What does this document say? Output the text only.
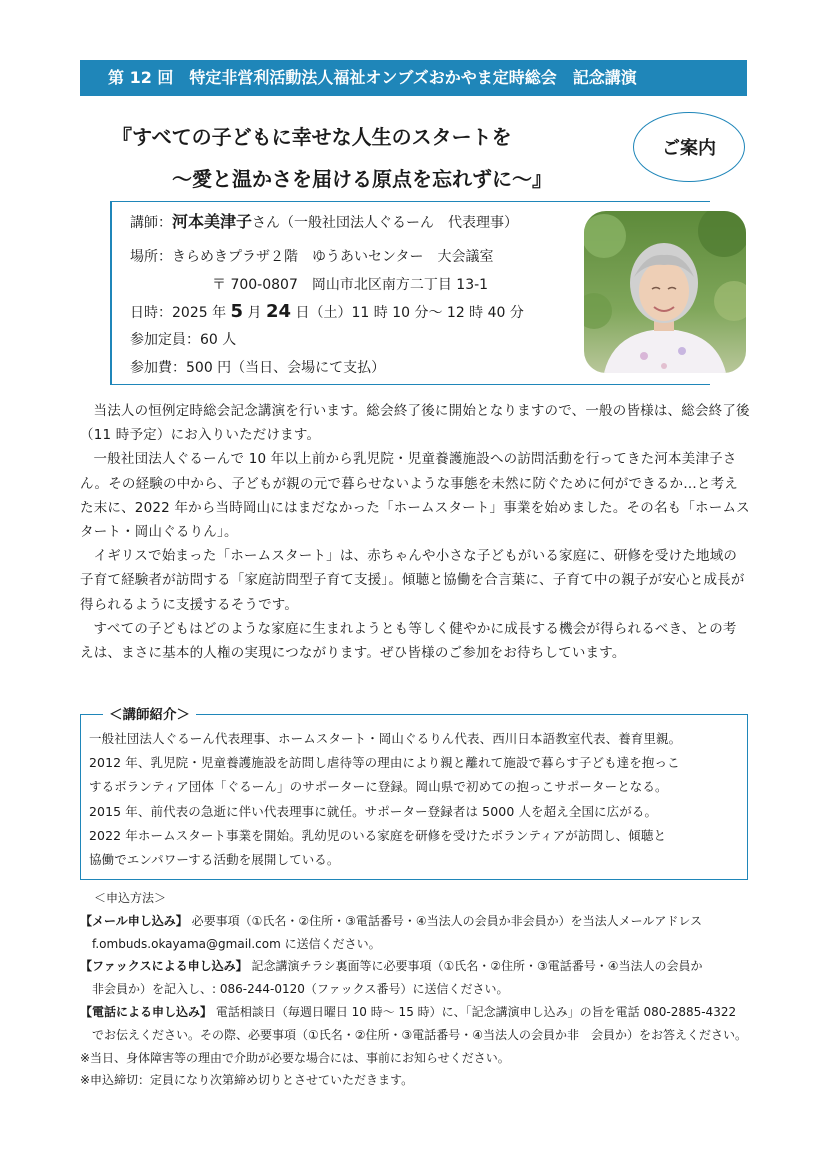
第 12 回　特定非営利活動法人福祉オンブズおかやま定時総会　記念講演
『すべての子どもに幸せな人生のスタートを
～愛と温かさを届ける原点を忘れずに～』
ご案内
講師：河本美津子さん（一般社団法人ぐるーん　代表理事）
場所：きらめきプラザ２階　ゆうあいセンター　大会議室
〒 700-0807　岡山市北区南方二丁目 13-1
日時：2025 年 5 月 24 日（土）11 時 10 分～ 12 時 40 分
参加定員：60 人
参加費：500 円（当日、会場にて支払）

当法人の恒例定時総会記念講演を行います。総会終了後に開始となりますので、一般の皆様は、総会終了後（11 時予定）にお入りいただけます。

一般社団法人ぐるーんで 10 年以上前から乳児院・児童養護施設への訪問活動を行ってきた河本美津子さん。その経験の中から、子どもが親の元で暮らせないような事態を未然に防ぐために何ができるか…と考えた末に、2022 年から当時岡山にはまだなかった「ホームスタート」事業を始めました。その名も「ホームスタート・岡山ぐるりん」。

イギリスで始まった「ホームスタート」は、赤ちゃんや小さな子どもがいる家庭に、研修を受けた地域の子育て経験者が訪問する「家庭訪問型子育て支援」。傾聴と協働を合言葉に、子育て中の親子が安心と成長が得られるように支援するそうです。

すべての子どもはどのような家庭に生まれようとも等しく健やかに成長する機会が得られるべき、との考えは、まさに基本的人権の実現につながります。ぜひ皆様のご参加をお待ちしています。

＜講師紹介＞
一般社団法人ぐるーん代表理事、ホームスタート・岡山ぐるりん代表、西川日本語教室代表、養育里親。
2012 年、乳児院・児童養護施設を訪問し虐待等の理由により親と離れて施設で暮らす子ども達を抱っこ
するボランティア団体「ぐるーん」のサポーターに登録。岡山県で初めての抱っこサポーターとなる。
2015 年、前代表の急逝に伴い代表理事に就任。サポーター登録者は 5000 人を超え全国に広がる。
2022 年ホームスタート事業を開始。乳幼児のいる家庭を研修を受けたボランティアが訪問し、傾聴と
協働でエンパワーする活動を展開している。
＜申込方法＞
【メール申し込み】 必要事項（①氏名・②住所・③電話番号・④当法人の会員か非会員か）を当法人メールアドレス
f.ombuds.okayama@gmail.com に送信ください。
【ファックスによる申し込み】 記念講演チラシ裏面等に必要事項（①氏名・②住所・③電話番号・④当法人の会員か
非会員か）を記入し、: 086-244-0120（ファックス番号）に送信ください。
【電話による申し込み】 電話相談日（毎週日曜日 10 時～ 15 時）に、「記念講演申し込み」の旨を電話 080-2885-4322
でお伝えください。その際、必要事項（①氏名・②住所・③電話番号・④当法人の会員か非　会員か）をお答えください。
※当日、身体障害等の理由で介助が必要な場合には、事前にお知らせください。
※申込締切：定員になり次第締め切りとさせていただきます。
